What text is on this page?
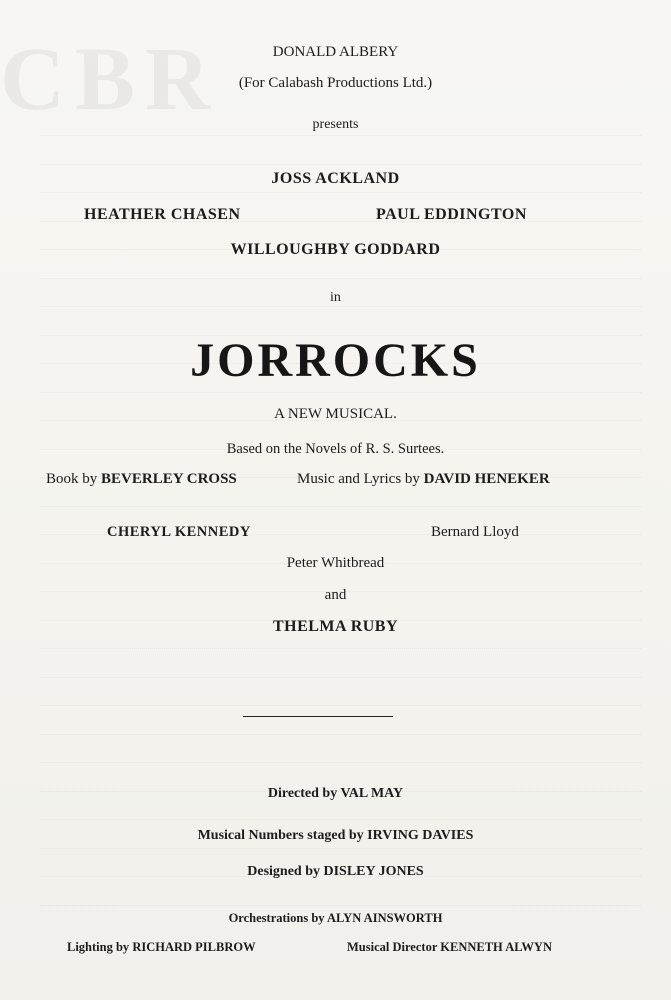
CBR	DONALD ALBERY
(For Calabash Productions Ltd.)
presents
JOSS ACKLAND
HEATHER CHASEN	PAUL EDDINGTON
WILLOUGHBY GODDARD
in
JORROCKS
A NEW MUSICAL.
Based on the Novels of R. S. Surtees.
Book by BEVERLEY CROSS	Music and Lyrics by DAVID HENEKER
CHERYL KENNEDY	Bernard Lloyd
Peter Whitbread
and
THELMA RUBY
Directed by VAL MAY
Musical Numbers staged by IRVING DAVIES
Designed by DISLEY JONES
Orchestrations by ALYN AINSWORTH
Lighting by RICHARD PILBROW	Musical Director KENNETH ALWYN
